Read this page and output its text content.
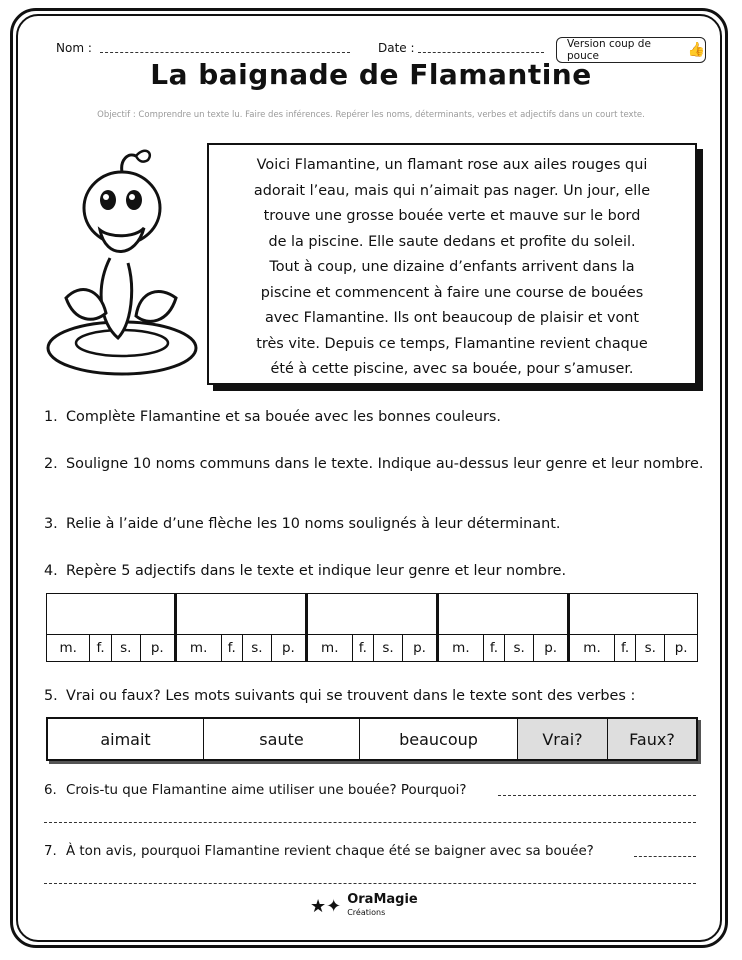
Nom :	Date :	Version coup de pouce	👍
La baignade de Flamantine
Objectif : Comprendre un texte lu. Faire des inférences. Repérer les noms, déterminants, verbes et adjectifs dans un court texte.
Voici Flamantine, un flamant rose aux ailes rouges qui
adorait l’eau, mais qui n’aimait pas nager. Un jour, elle
trouve une grosse bouée verte et mauve sur le bord
de la piscine. Elle saute dedans et profite du soleil.
Tout à coup, une dizaine d’enfants arrivent dans la
piscine et commencent à faire une course de bouées
avec Flamantine. Ils ont beaucoup de plaisir et vont
très vite. Depuis ce temps, Flamantine revient chaque
été à cette piscine, avec sa bouée, pour s’amuser.
1. Complète Flamantine et sa bouée avec les bonnes couleurs.
2. Souligne 10 noms communs dans le texte. Indique au-dessus leur genre et leur nombre.
3. Relie à l’aide d’une flèche les 10 noms soulignés à leur déterminant.
4. Repère 5 adjectifs dans le texte et indique leur genre et leur nombre.

m.	f.	s.	p.	m.	f.	s.	p.	m.	f.	s.	p.	m.	f.	s.	p.	m.	f.	s.	p.
5. Vrai ou faux? Les mots suivants qui se trouvent dans le texte sont des verbes :
aimait	saute	beaucoup	Vrai?	Faux?
6. Crois-tu que Flamantine aime utiliser une bouée? Pourquoi?
7. À ton avis, pourquoi Flamantine revient chaque été se baigner avec sa bouée?
★✦ OraMagie
Créations
